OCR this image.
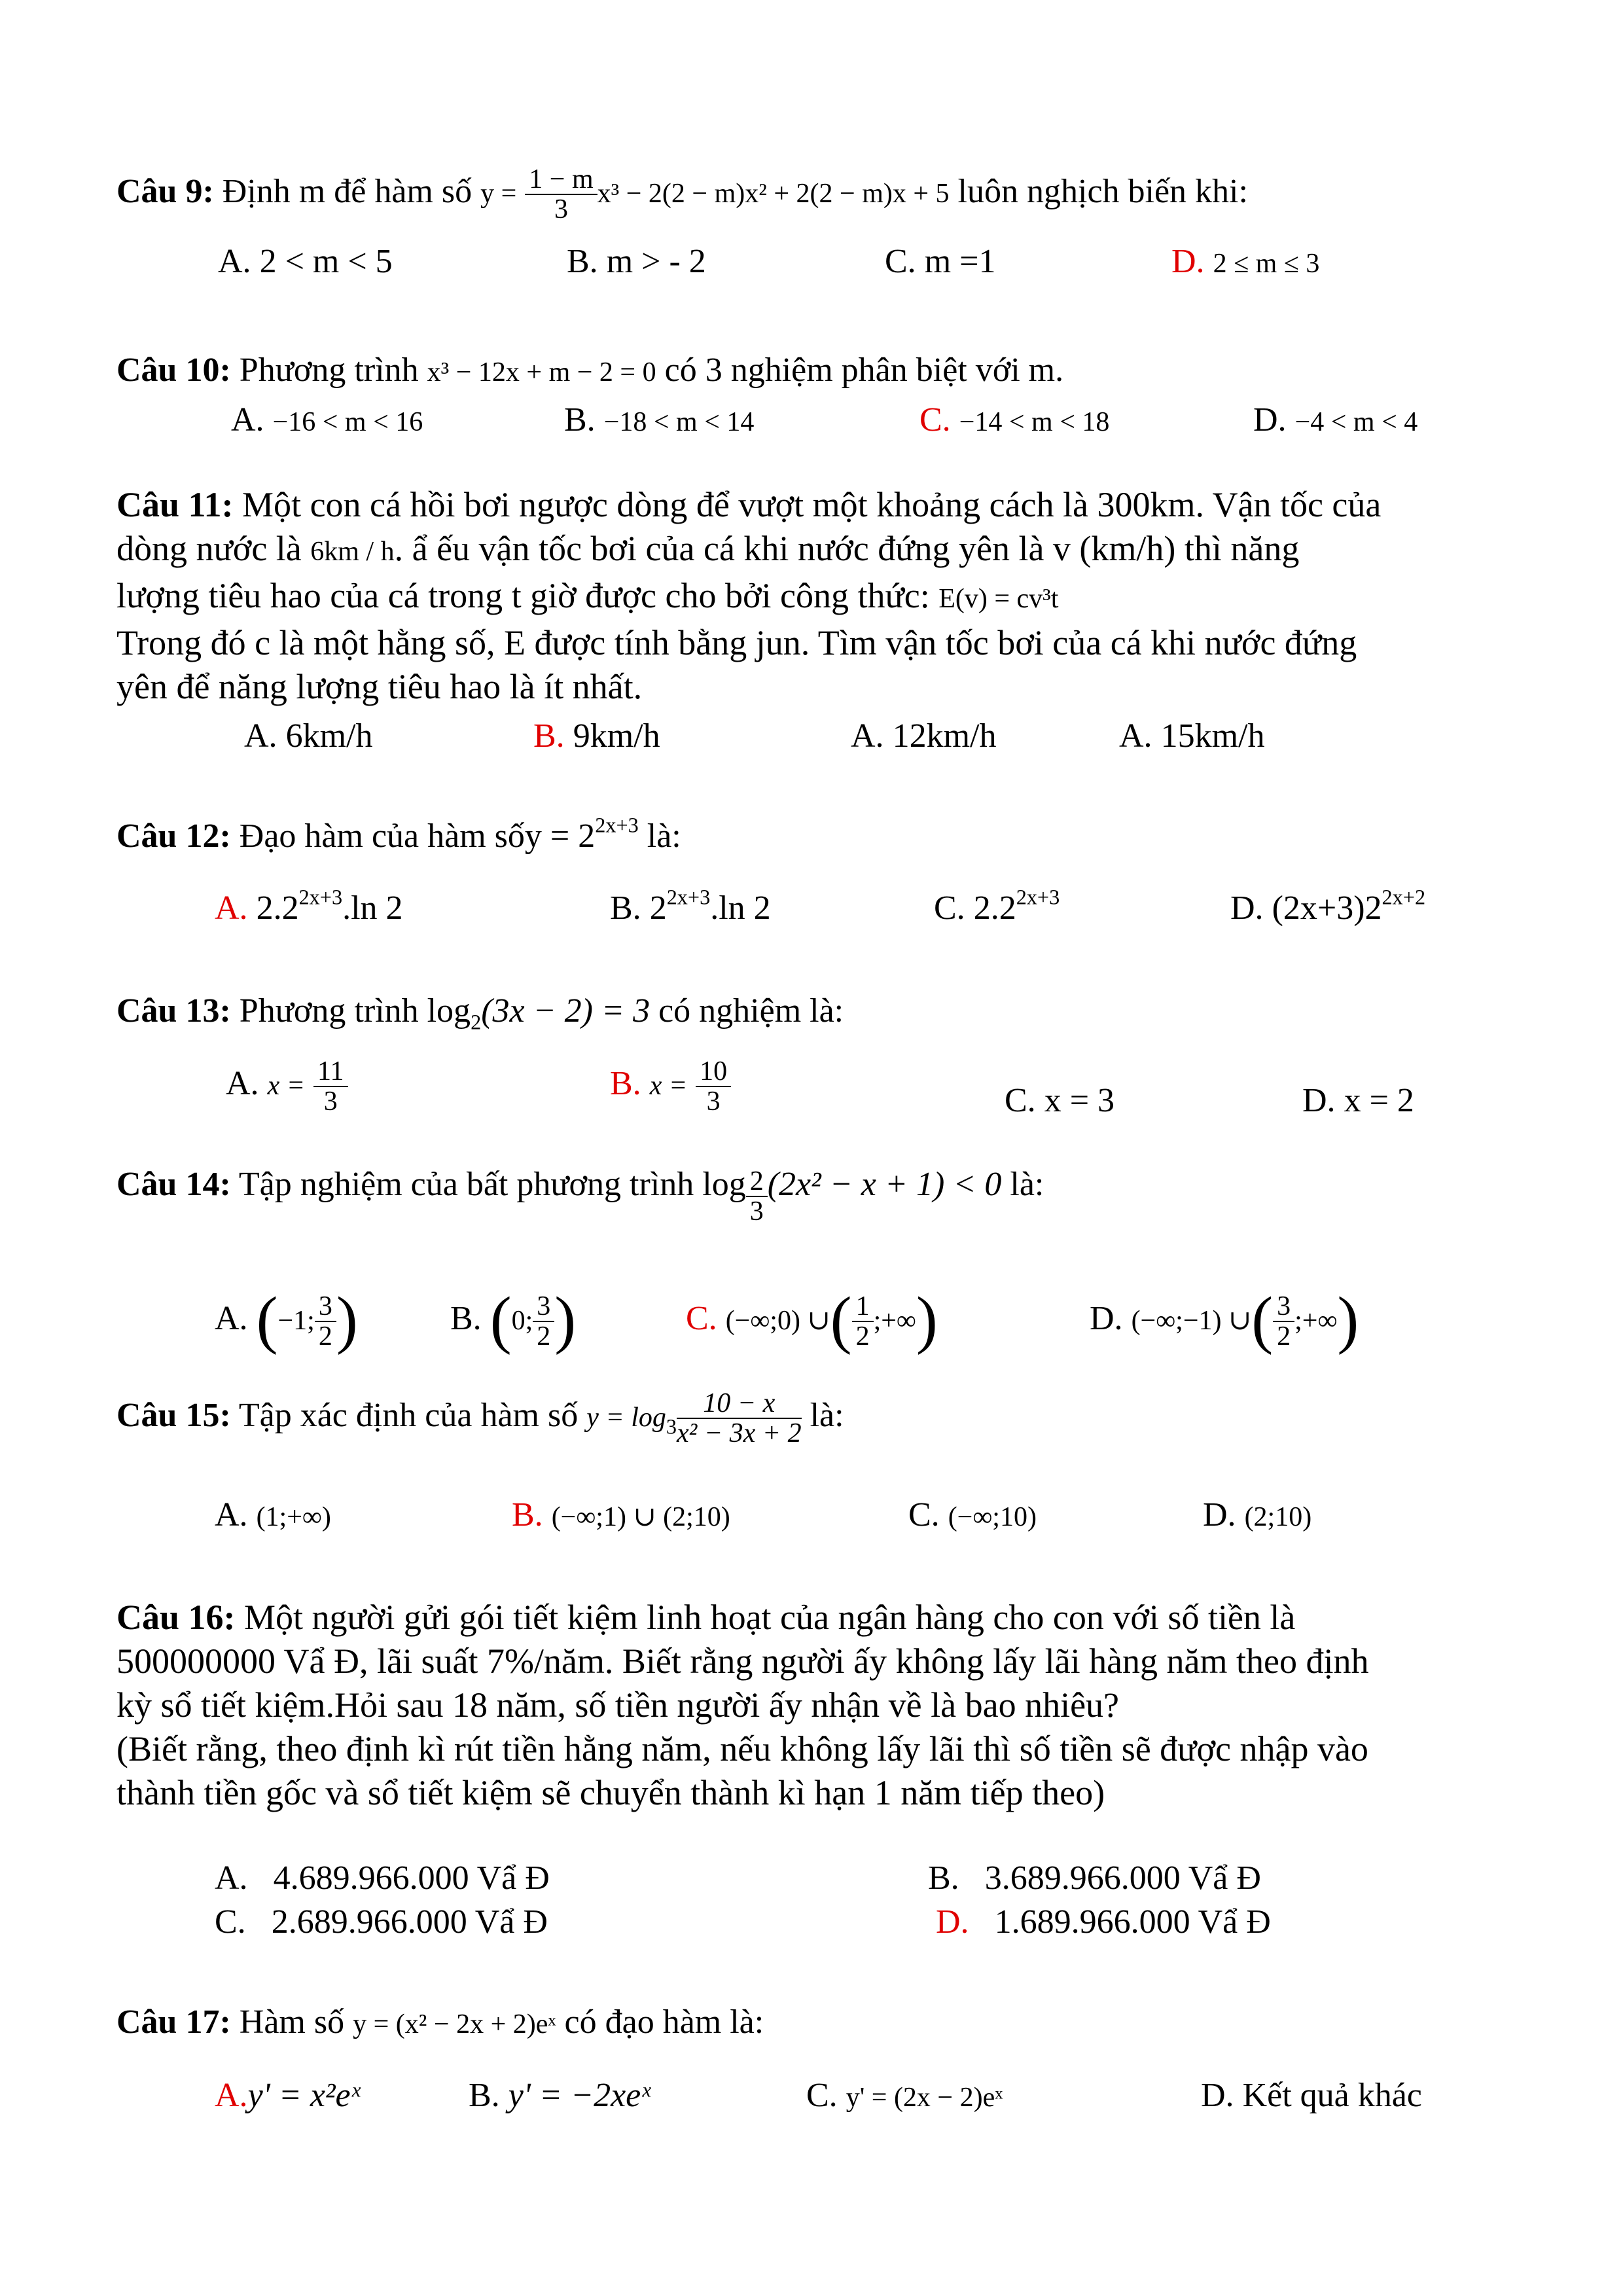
Câu 9: Định m để hàm số $y = \frac{1 - m}{3} x^3 - 2(2 - m)x^2 + 2(2 - m)x + 5$ luôn nghịch biến khi:
A. 2 < m < 5	B. m > - 2	C. m =1	D. 2 ≤ m ≤ 3
Câu 10: Phương trình x³ − 12x + m − 2 = 0 có 3 nghiệm phân biệt với m.
A. −16 < m < 16	B. −18 < m < 14	C. −14 < m < 18	D. −4 < m < 4
Câu 11: Một con cá hồi bơi ngược dòng để vượt một khoảng cách là 300km. Vận tốc của
dòng nước là 6km / h. ẩ ếu vận tốc bơi của cá khi nước đứng yên là v (km/h) thì năng
lượng tiêu hao của cá trong t giờ được cho bởi công thức: E(v) = cv³t
Trong đó c là một hằng số, E được tính bằng jun. Tìm vận tốc bơi của cá khi nước đứng
yên để năng lượng tiêu hao là ít nhất.
A. 6km/h	B. 9km/h	A. 12km/h	A. 15km/h
Câu 12: Đạo hàm của hàm sốy = $2^{2x+3}$ là:
A. $2.2^{2x+3}.\ln$ 2	B. $2^{2x+3}.\ln$ 2	C. $2.2^{2x+3}$	D. $(2x+3)2^{2x+2}$
Câu 13: Phương trình $\log_2(3x - 2) = 3$ có nghiệm là:
A. $x = \frac{11}{3}$	B. $x = \frac{10}{3}$	C. x = 3	D. x = 2
Câu 14: Tập nghiệm của bất phương trình $\log \frac{2}{3} (2x^2 - x + 1) < 0$ là:
A. (−1; $\frac{3}{2}$ )	B. (0; $\frac{3}{2}$ )	C. (−∞;0) ∪( $\frac{1}{2}$ ;+∞)	D. (−∞;−1) ∪( $\frac{3}{2}$ ;+∞)
Câu 15: Tập xác định của hàm số $y = \log_3 \frac{10 - x}{\text{x² − 3x + 2}}$ là:
A. (1;+∞)	B. (−∞;1) ∪ (2;10)	C. (−∞;10)	D. (2;10)
Câu 16: Một người gửi gói tiết kiệm linh hoạt của ngân hàng cho con với số tiền là
500000000 Vẩ Đ, lãi suất 7%/năm. Biết rằng người ấy không lấy lãi hàng năm theo định
kỳ sổ tiết kiệm.Hỏi sau 18 năm, số tiền người ấy nhận về là bao nhiêu?
(Biết rằng, theo định kì rút tiền hằng năm, nếu không lấy lãi thì số tiền sẽ được nhập vào
thành tiền gốc và sổ tiết kiệm sẽ chuyển thành kì hạn 1 năm tiếp theo)
A. 4.689.966.000 Vẩ Đ	B. 3.689.966.000 Vẩ Đ
C. 2.689.966.000 Vẩ Đ	D. 1.689.966.000 Vẩ Đ
Câu 17: Hàm số y = (x² − 2x + 2)eˣ có đạo hàm là:
A.y' = x²eˣ	B. y' = −2xeˣ	C. y' = (2x − 2)eˣ	D. Kết quả khác
